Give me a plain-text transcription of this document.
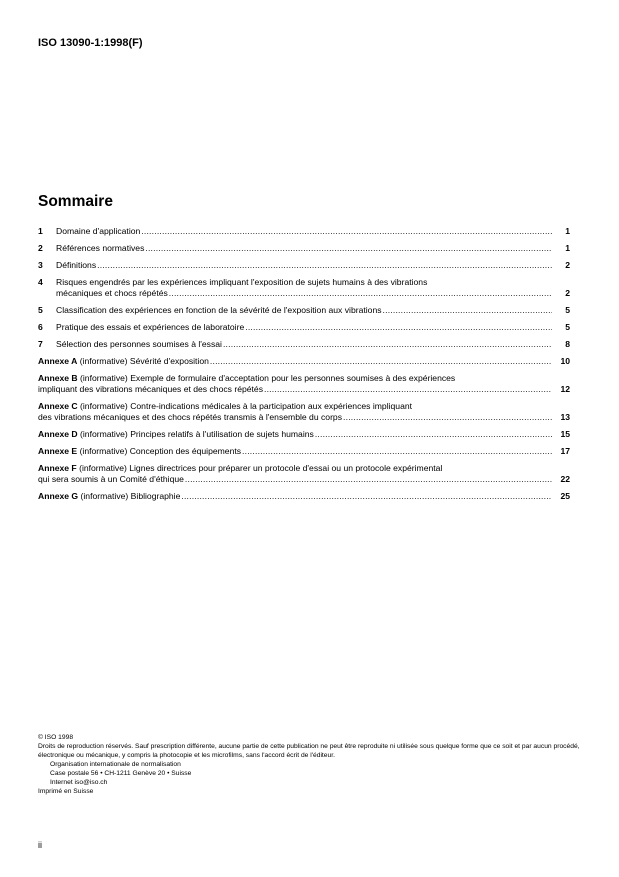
ISO 13090-1:1998(F)
Sommaire
1	Domaine d'application .....	1
2	Références normatives .....	1
3	Définitions .....	2
4	Risques engendrés par les expériences impliquant l'exposition de sujets humains à des vibrations
mécaniques et chocs répétés .....	2
5	Classification des expériences en fonction de la sévérité de l'exposition aux vibrations .....	5
6	Pratique des essais et expériences de laboratoire .....	5
7	Sélection des personnes soumises à l'essai .....	8
Annexe A (informative) Sévérité d'exposition .....	10
Annexe B (informative) Exemple de formulaire d'acceptation pour les personnes soumises à des expériences
impliquant des vibrations mécaniques et des chocs répétés .....	12
Annexe C (informative) Contre-indications médicales à la participation aux expériences impliquant
des vibrations mécaniques et des chocs répétés transmis à l'ensemble du corps .....	13
Annexe D (informative) Principes relatifs à l'utilisation de sujets humains .....	15
Annexe E (informative) Conception des équipements .....	17
Annexe F (informative) Lignes directrices pour préparer un protocole d'essai ou un protocole expérimental
qui sera soumis à un Comité d'éthique .....	22
Annexe G (informative) Bibliographie .....	25
© ISO 1998
Droits de reproduction réservés. Sauf prescription différente, aucune partie de cette publication ne peut être reproduite ni utilisée sous quelque forme que ce soit et par aucun procédé, électronique ou mécanique, y compris la photocopie et les microfilms, sans l'accord écrit de l'éditeur.
Organisation internationale de normalisation
Case postale 56 • CH-1211 Genève 20 • Suisse
Internet iso@iso.ch
Imprimé en Suisse
ii
